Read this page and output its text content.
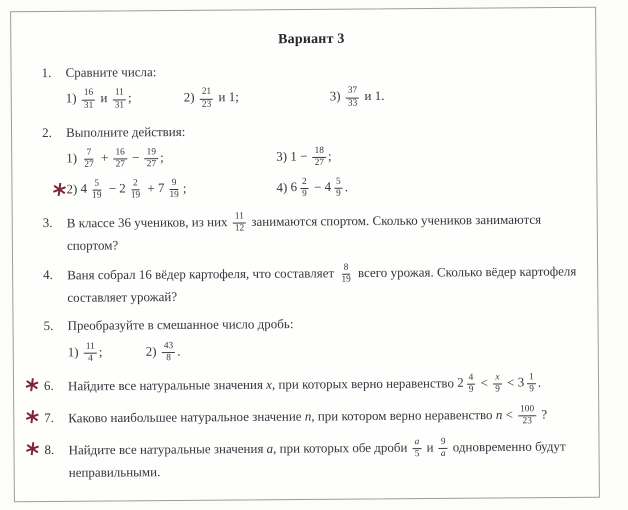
Вариант 3
1.	Сравните числа:
$1) \frac{16}{31}$ и $\frac{11}{31}$ ;	$2) \frac{21}{23}$ и 1;	$3) \frac{37}{33}$ и 1.
2.	Выполните действия:
$1) \frac{7}{27} + \frac{16}{27} - \frac{19}{27}$ ;	3) $1 - \frac{18}{27}$ ;
2) $4 \frac{5}{19} - 2 \frac{2}{19} + 7 \frac{9}{19}$ ;	4) $6 \frac{2}{9} - 4 \frac{5}{9}$ .
3.	В классе 36 учеников, из них $\frac{11}{12}$ занимаются спортом. Сколько учеников занимаются спортом?
4.	Ваня собрал 16 вёдер картофеля, что составляет $\frac{8}{19}$ всего урожая. Сколько вёдер картофеля составляет урожай?
5.	Преобразуйте в смешанное число дробь:
$1) \frac{11}{4}$ ;	$2) \frac{43}{8}$ .
6.	Найдите все натуральные значения x, при которых верно неравенство $2 \frac{4}{9} < \frac{x}{9} < 3 \frac{1}{9}$ .
7.	Каково наибольшее натуральное значение n, при котором верно неравенство $n < \frac{100}{23}$ ?
8.	Найдите все натуральные значения a, при которых обе дроби $\frac{a}{5}$ и $\frac{9}{a}$ одновременно будут неправильными.
